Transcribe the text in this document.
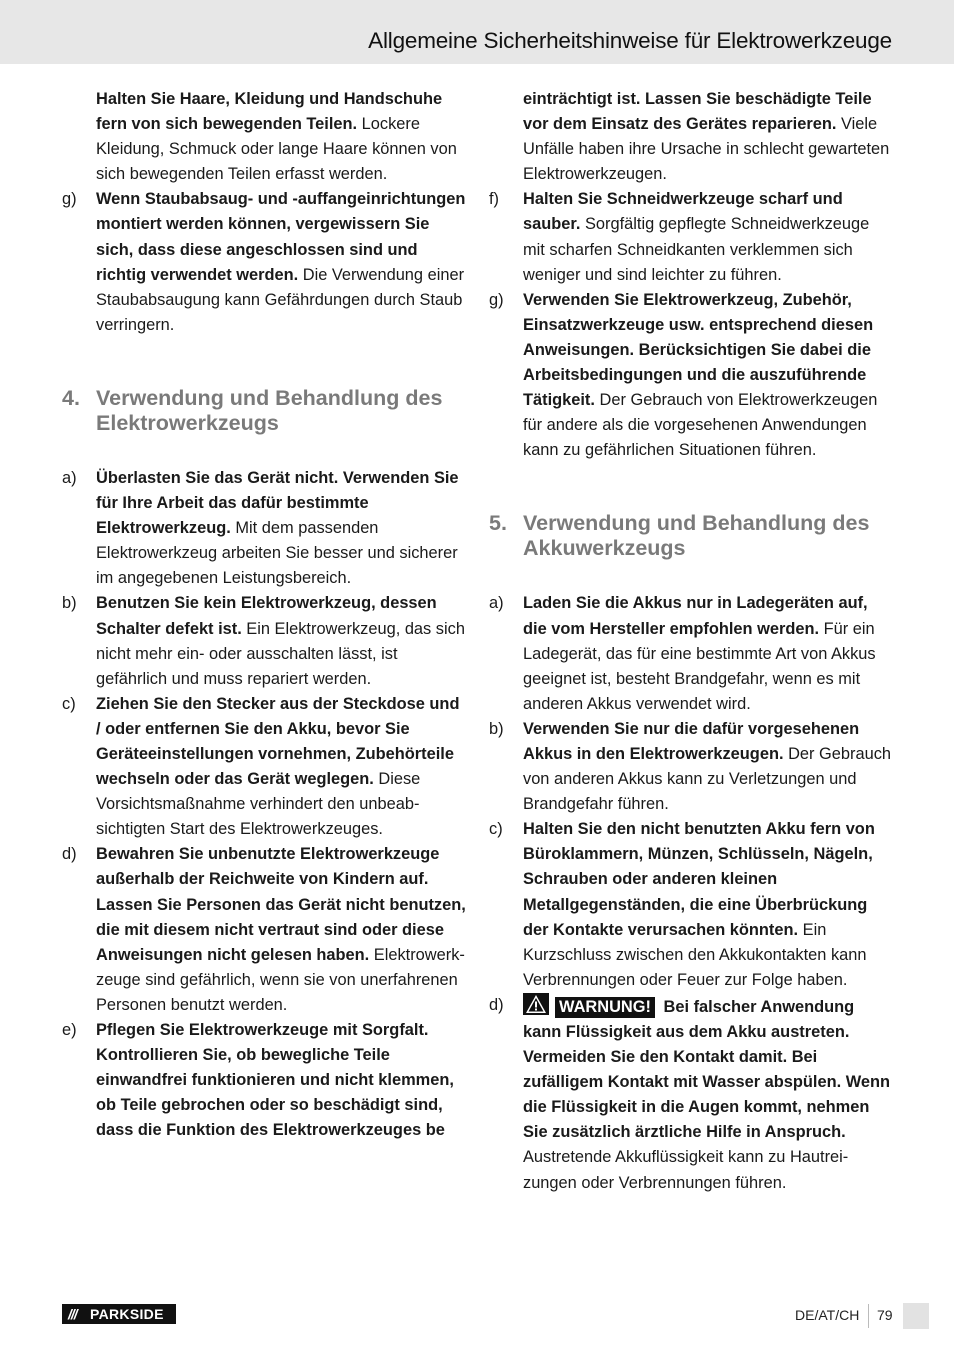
Allgemeine Sicherheitshinweise für Elektrowerkzeuge

Halten Sie Haare, Kleidung und Handschuhe fern von sich bewegenden Teilen. Lockere Kleidung, Schmuck oder lange Haare können von sich bewegenden Teilen erfasst werden.

g) Wenn Staubabsaug- und -auffangeinrichtungen montiert werden können, vergewissern Sie sich, dass diese angeschlossen sind und richtig verwendet werden. Die Verwendung einer Staubabsaugung kann Gefährdungen durch Staub verringern.

4. Verwendung und Behandlung des Elektrowerkzeugs

a) Überlasten Sie das Gerät nicht. Verwenden Sie für Ihre Arbeit das dafür bestimmte Elektrowerkzeug. Mit dem passenden Elektrowerkzeug arbeiten Sie besser und sicherer im angegebenen Leistungsbereich.

b) Benutzen Sie kein Elektrowerkzeug, dessen Schalter defekt ist. Ein Elektrowerkzeug, das sich nicht mehr ein- oder ausschalten lässt, ist gefährlich und muss repariert werden.

c) Ziehen Sie den Stecker aus der Steckdose und / oder entfernen Sie den Akku, bevor Sie Geräteeinstellungen vornehmen, Zubehörteile wechseln oder das Gerät weglegen. Diese Vorsichtsmaßnahme verhindert den unbeabsichtigten Start des Elektrowerkzeuges.

d) Bewahren Sie unbenutzte Elektrowerkzeuge außerhalb der Reichweite von Kindern auf. Lassen Sie Personen das Gerät nicht benutzen, die mit diesem nicht vertraut sind oder diese Anweisungen nicht gelesen haben. Elektrowerkzeuge sind gefährlich, wenn sie von unerfahrenen Personen benutzt werden.

e) Pflegen Sie Elektrowerkzeuge mit Sorgfalt. Kontrollieren Sie, ob bewegliche Teile einwandfrei funktionieren und nicht klemmen, ob Teile gebrochen oder so beschädigt sind, dass die Funktion des Elektrowerkzeuges be

einträchtigt ist. Lassen Sie beschädigte Teile vor dem Einsatz des Gerätes reparieren. Viele Unfälle haben ihre Ursache in schlecht gewarteten Elektrowerkzeugen.

f) Halten Sie Schneidwerkzeuge scharf und sauber. Sorgfältig gepflegte Schneidwerkzeuge mit scharfen Schneidkanten verklemmen sich weniger und sind leichter zu führen.

g) Verwenden Sie Elektrowerkzeug, Zubehör, Einsatzwerkzeuge usw. entsprechend diesen Anweisungen. Berücksichtigen Sie dabei die Arbeitsbedingungen und die auszuführende Tätigkeit. Der Gebrauch von Elektrowerkzeugen für andere als die vorgesehenen Anwendungen kann zu gefährlichen Situationen führen.

5. Verwendung und Behandlung des Akkuwerkzeugs

a) Laden Sie die Akkus nur in Ladegeräten auf, die vom Hersteller empfohlen werden. Für ein Ladegerät, das für eine bestimmte Art von Akkus geeignet ist, besteht Brandgefahr, wenn es mit anderen Akkus verwendet wird.

b) Verwenden Sie nur die dafür vorgesehenen Akkus in den Elektrowerkzeugen. Der Gebrauch von anderen Akkus kann zu Verletzungen und Brandgefahr führen.

c) Halten Sie den nicht benutzten Akku fern von Büroklammern, Münzen, Schlüsseln, Nägeln, Schrauben oder anderen kleinen Metallgegenständen, die eine Überbrückung der Kontakte verursachen könnten. Ein Kurzschluss zwischen den Akkukontakten kann Verbrennungen oder Feuer zur Folge haben.

d)	WARNUNG! Bei falscher Anwendung kann Flüssigkeit aus dem Akku austreten. Vermeiden Sie den Kontakt damit. Bei zufälligem Kontakt mit Wasser abspülen. Wenn die Flüssigkeit in die Augen kommt, nehmen Sie zusätzlich ärztliche Hilfe in Anspruch. Austretende Akkuflüssigkeit kann zu Hautreizungen oder Verbrennungen führen.

/// PARKSIDE	DE/AT/CH 79
